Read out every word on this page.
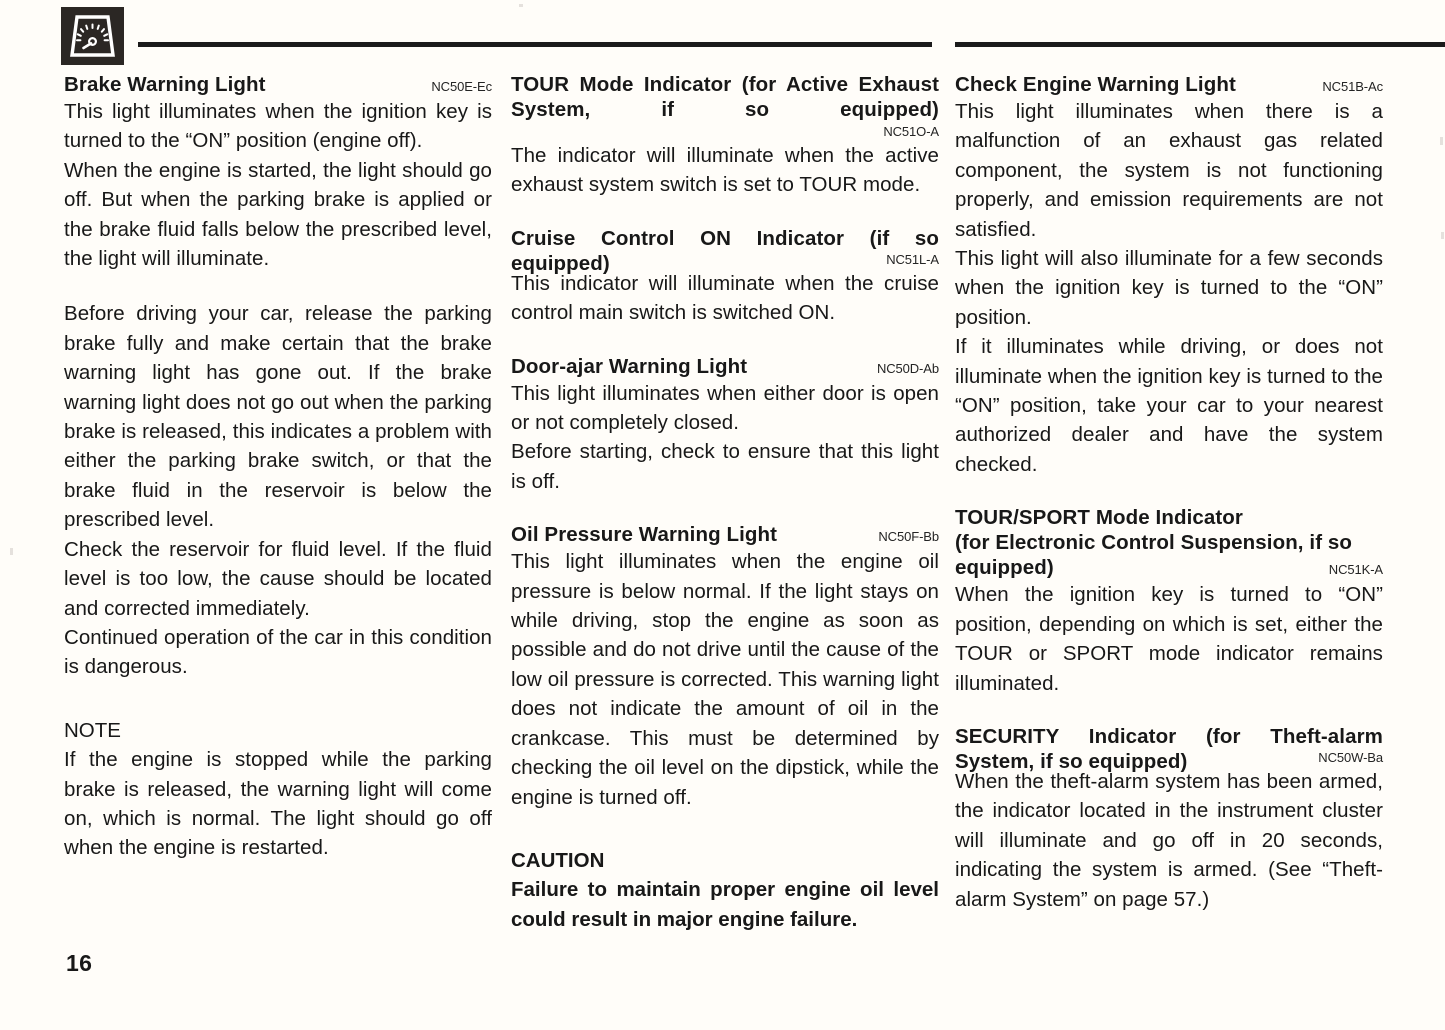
Brake Warning Light	NC50E-Ec

This light illuminates when the ignition key is turned to the “ON” position (engine off).

When the engine is started, the light should go off. But when the parking brake is applied or the brake fluid falls below the prescribed level, the light will illuminate.

Before driving your car, release the parking brake fully and make certain that the brake warning light has gone out. If the brake warning light does not go out when the parking brake is released, this indicates a problem with either the parking brake switch, or that the brake fluid in the reservoir is below the prescribed level.

Check the reservoir for fluid level. If the fluid level is too low, the cause should be located and corrected immediately.

Continued operation of the car in this condition is dangerous.

NOTE

If the engine is stopped while the parking brake is released, the warning light will come on, which is normal. The light should go off when the engine is restarted.

TOUR Mode Indicator (for Active Exhaust System, if so equipped)
NC51O-A

The indicator will illuminate when the active exhaust system switch is set to TOUR mode.

Cruise Control ON Indicator (if so equipped)	NC51L-A

This indicator will illuminate when the cruise control main switch is switched ON.

Door-ajar Warning Light	NC50D-Ab

This light illuminates when either door is open or not completely closed.

Before starting, check to ensure that this light is off.

Oil Pressure Warning Light	NC50F-Bb

This light illuminates when the engine oil pressure is below normal. If the light stays on while driving, stop the engine as soon as possible and do not drive until the cause of the low oil pressure is corrected. This warning light does not indicate the amount of oil in the crankcase. This must be determined by checking the oil level on the dipstick, while the engine is turned off.

CAUTION

Failure to maintain proper engine oil level could result in major engine failure.

Check Engine Warning Light	NC51B-Ac

This light illuminates when there is a malfunction of an exhaust gas related component, the system is not functioning properly, and emission requirements are not satisfied.

This light will also illuminate for a few seconds when the ignition key is turned to the “ON” position.

If it illuminates while driving, or does not illuminate when the ignition key is turned to the “ON” position, take your car to your nearest authorized dealer and have the system checked.

TOUR/SPORT Mode Indicator
(for Electronic Control Suspension, if so
equipped)	NC51K-A

When the ignition key is turned to “ON” position, depending on which is set, either the TOUR or SPORT mode indicator remains illuminated.

SECURITY Indicator (for Theft-alarm System, if so equipped)	NC50W-Ba

When the theft-alarm system has been armed, the indicator located in the instrument cluster will illuminate and go off in 20 seconds, indicating the system is armed. (See “Theft-alarm System” on page 57.)

16
